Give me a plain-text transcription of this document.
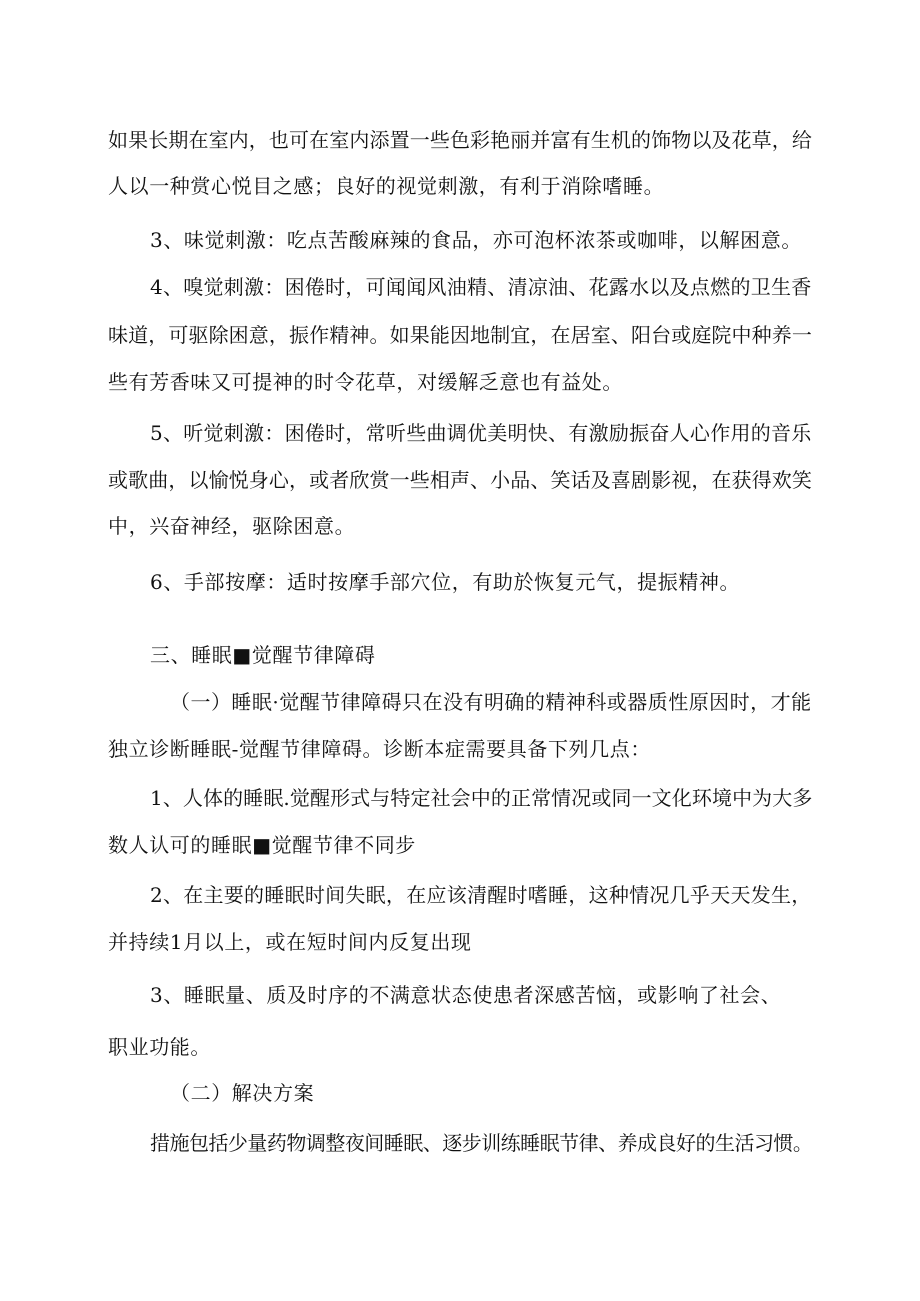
如果长期在室内，也可在室内添置一些色彩艳丽并富有生机的饰物以及花草，给
人以一种赏心悦目之感；良好的视觉刺激，有利于消除嗜睡。
3、味觉刺激：吃点苦酸麻辣的食品，亦可泡杯浓茶或咖啡，以解困意。
4、嗅觉刺激：困倦时，可闻闻风油精、清凉油、花露水以及点燃的卫生香
味道，可驱除困意，振作精神。如果能因地制宜，在居室、阳台或庭院中种养一
些有芳香味又可提神的时令花草，对缓解乏意也有益处。
5、听觉刺激：困倦时，常听些曲调优美明快、有激励振奋人心作用的音乐
或歌曲，以愉悦身心，或者欣赏一些相声、小品、笑话及喜剧影视，在获得欢笑
中，兴奋神经，驱除困意。
6、手部按摩：适时按摩手部穴位，有助於恢复元气，提振精神。
三、睡眠■觉醒节律障碍
（一）睡眠·觉醒节律障碍只在没有明确的精神科或器质性原因时，才能
独立诊断睡眠-觉醒节律障碍。诊断本症需要具备下列几点：
1、人体的睡眠.觉醒形式与特定社会中的正常情况或同一文化环境中为大多
数人认可的睡眠■觉醒节律不同步
2、在主要的睡眠时间失眠，在应该清醒时嗜睡，这种情况几乎天天发生，
并持续1月以上，或在短时间内反复出现
3、睡眠量、质及时序的不满意状态使患者深感苦恼，或影响了社会、
职业功能。
（二）解决方案
措施包括少量药物调整夜间睡眠、逐步训练睡眠节律、养成良好的生活习惯。
